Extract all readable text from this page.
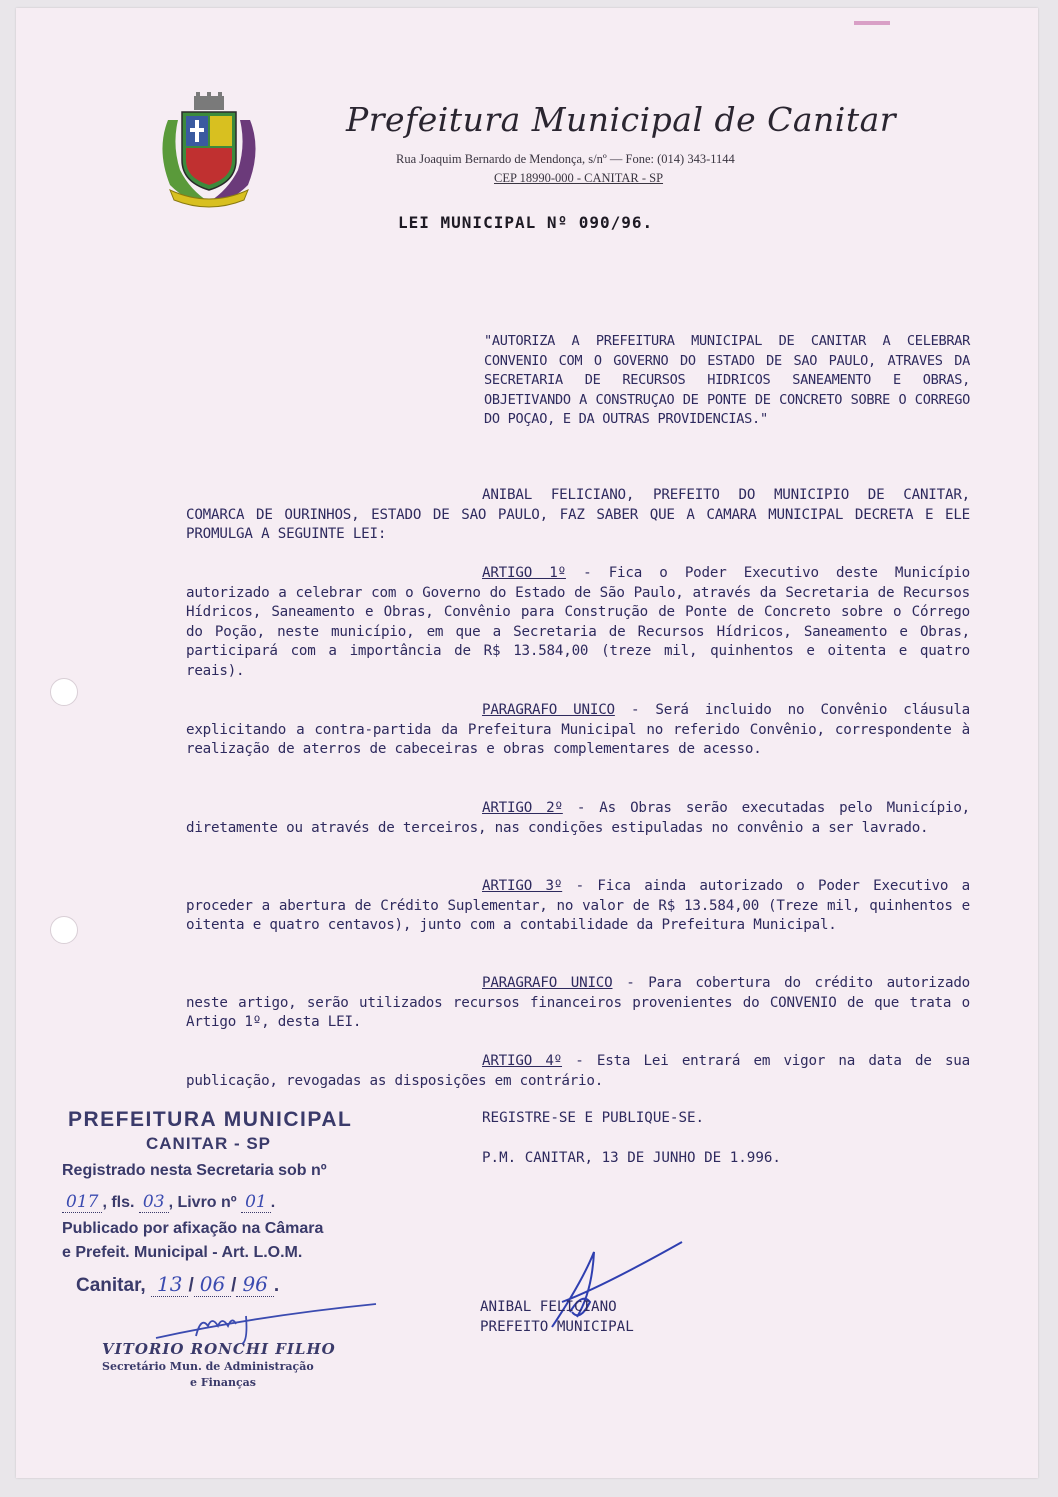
Prefeitura Municipal de Canitar
Rua Joaquim Bernardo de Mendonça, s/nº — Fone: (014) 343-1144
CEP 18990-000 - CANITAR - SP
LEI MUNICIPAL Nº 090/96.
"AUTORIZA A PREFEITURA MUNICIPAL DE CANITAR A CELEBRAR CONVENIO COM O GOVERNO DO ESTADO DE SAO PAULO, ATRAVES DA SECRETARIA DE RECURSOS HIDRICOS SANEAMENTO E OBRAS, OBJETIVANDO A CONSTRUÇAO DE PONTE DE CONCRETO SOBRE O CORREGO DO POÇAO, E DA OUTRAS PROVIDENCIAS."
ANIBAL FELICIANO, PREFEITO DO MUNICIPIO DE CANITAR, COMARCA DE OURINHOS, ESTADO DE SAO PAULO, FAZ SABER QUE A CAMARA MUNICIPAL DECRETA E ELE PROMULGA A SEGUINTE LEI:
ARTIGO 1º - Fica o Poder Executivo deste Município autorizado a celebrar com o Governo do Estado de São Paulo, através da Secretaria de Recursos Hídricos, Saneamento e Obras, Convênio para Construção de Ponte de Concreto sobre o Córrego do Poção, neste município, em que a Secretaria de Recursos Hídricos, Saneamento e Obras, participará com a importância de R$ 13.584,00 (treze mil, quinhentos e oitenta e quatro reais).
PARAGRAFO UNICO - Será incluido no Convênio cláusula explicitando a contra-partida da Prefeitura Municipal no referido Convênio, correspondente à realização de aterros de cabeceiras e obras complementares de acesso.
ARTIGO 2º - As Obras serão executadas pelo Município, diretamente ou através de terceiros, nas condições estipuladas no convênio a ser lavrado.
ARTIGO 3º - Fica ainda autorizado o Poder Executivo a proceder a abertura de Crédito Suplementar, no valor de R$ 13.584,00 (Treze mil, quinhentos e oitenta e quatro centavos), junto com a contabilidade da Prefeitura Municipal.
PARAGRAFO UNICO - Para cobertura do crédito autorizado neste artigo, serão utilizados recursos financeiros provenientes do CONVENIO de que trata o Artigo 1º, desta LEI.
ARTIGO 4º - Esta Lei entrará em vigor na data de sua publicação, revogadas as disposições em contrário.
REGISTRE-SE E PUBLIQUE-SE.
P.M. CANITAR, 13 DE JUNHO DE 1.996.
ANIBAL FELICIANO
PREFEITO MUNICIPAL
PREFEITURA MUNICIPAL
CANITAR - SP
Registrado nesta Secretaria sob nº
017 , fls. 03 , Livro nº 01 .
Publicado por afixação na Câmara
e Prefeit. Municipal - Art. L.O.M.
Canitar, 13 / 06 / 96 .
VITORIO RONCHI FILHO
Secretário Mun. de Administração
e Finanças
